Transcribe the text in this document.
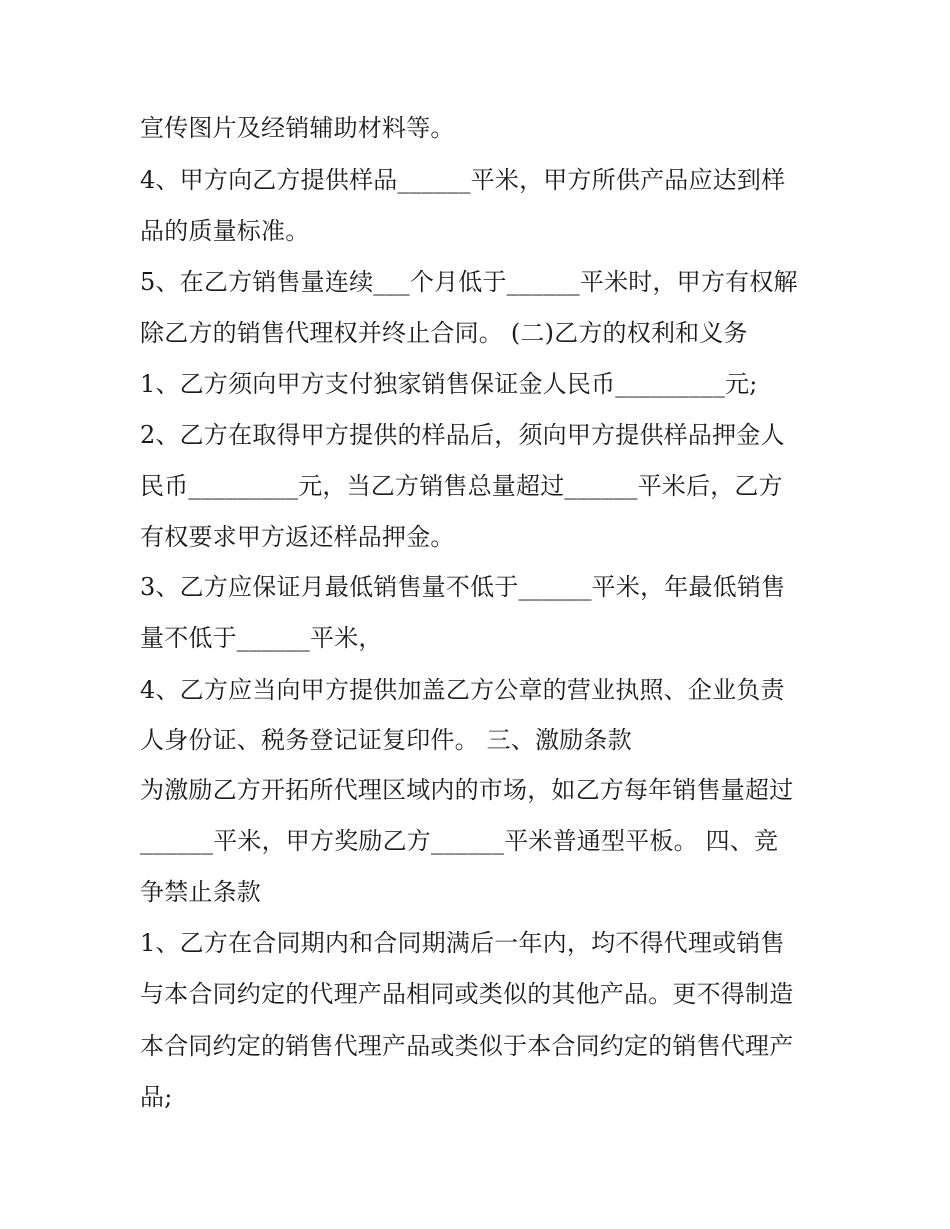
宣传图片及经销辅助材料等。
4、甲方向乙方提供样品______平米，甲方所供产品应达到样
品的质量标准。
5、在乙方销售量连续___个月低于______平米时，甲方有权解
除乙方的销售代理权并终止合同。 (二)乙方的权利和义务
1、乙方须向甲方支付独家销售保证金人民币_________元;
2、乙方在取得甲方提供的样品后，须向甲方提供样品押金人
民币_________元，当乙方销售总量超过______平米后，乙方
有权要求甲方返还样品押金。
3、乙方应保证月最低销售量不低于______平米，年最低销售
量不低于______平米，
4、乙方应当向甲方提供加盖乙方公章的营业执照、企业负责
人身份证、税务登记证复印件。 三、激励条款
为激励乙方开拓所代理区域内的市场，如乙方每年销售量超过
______平米，甲方奖励乙方______平米普通型平板。 四、竞
争禁止条款
1、乙方在合同期内和合同期满后一年内，均不得代理或销售
与本合同约定的代理产品相同或类似的其他产品。更不得制造
本合同约定的销售代理产品或类似于本合同约定的销售代理产
品;
